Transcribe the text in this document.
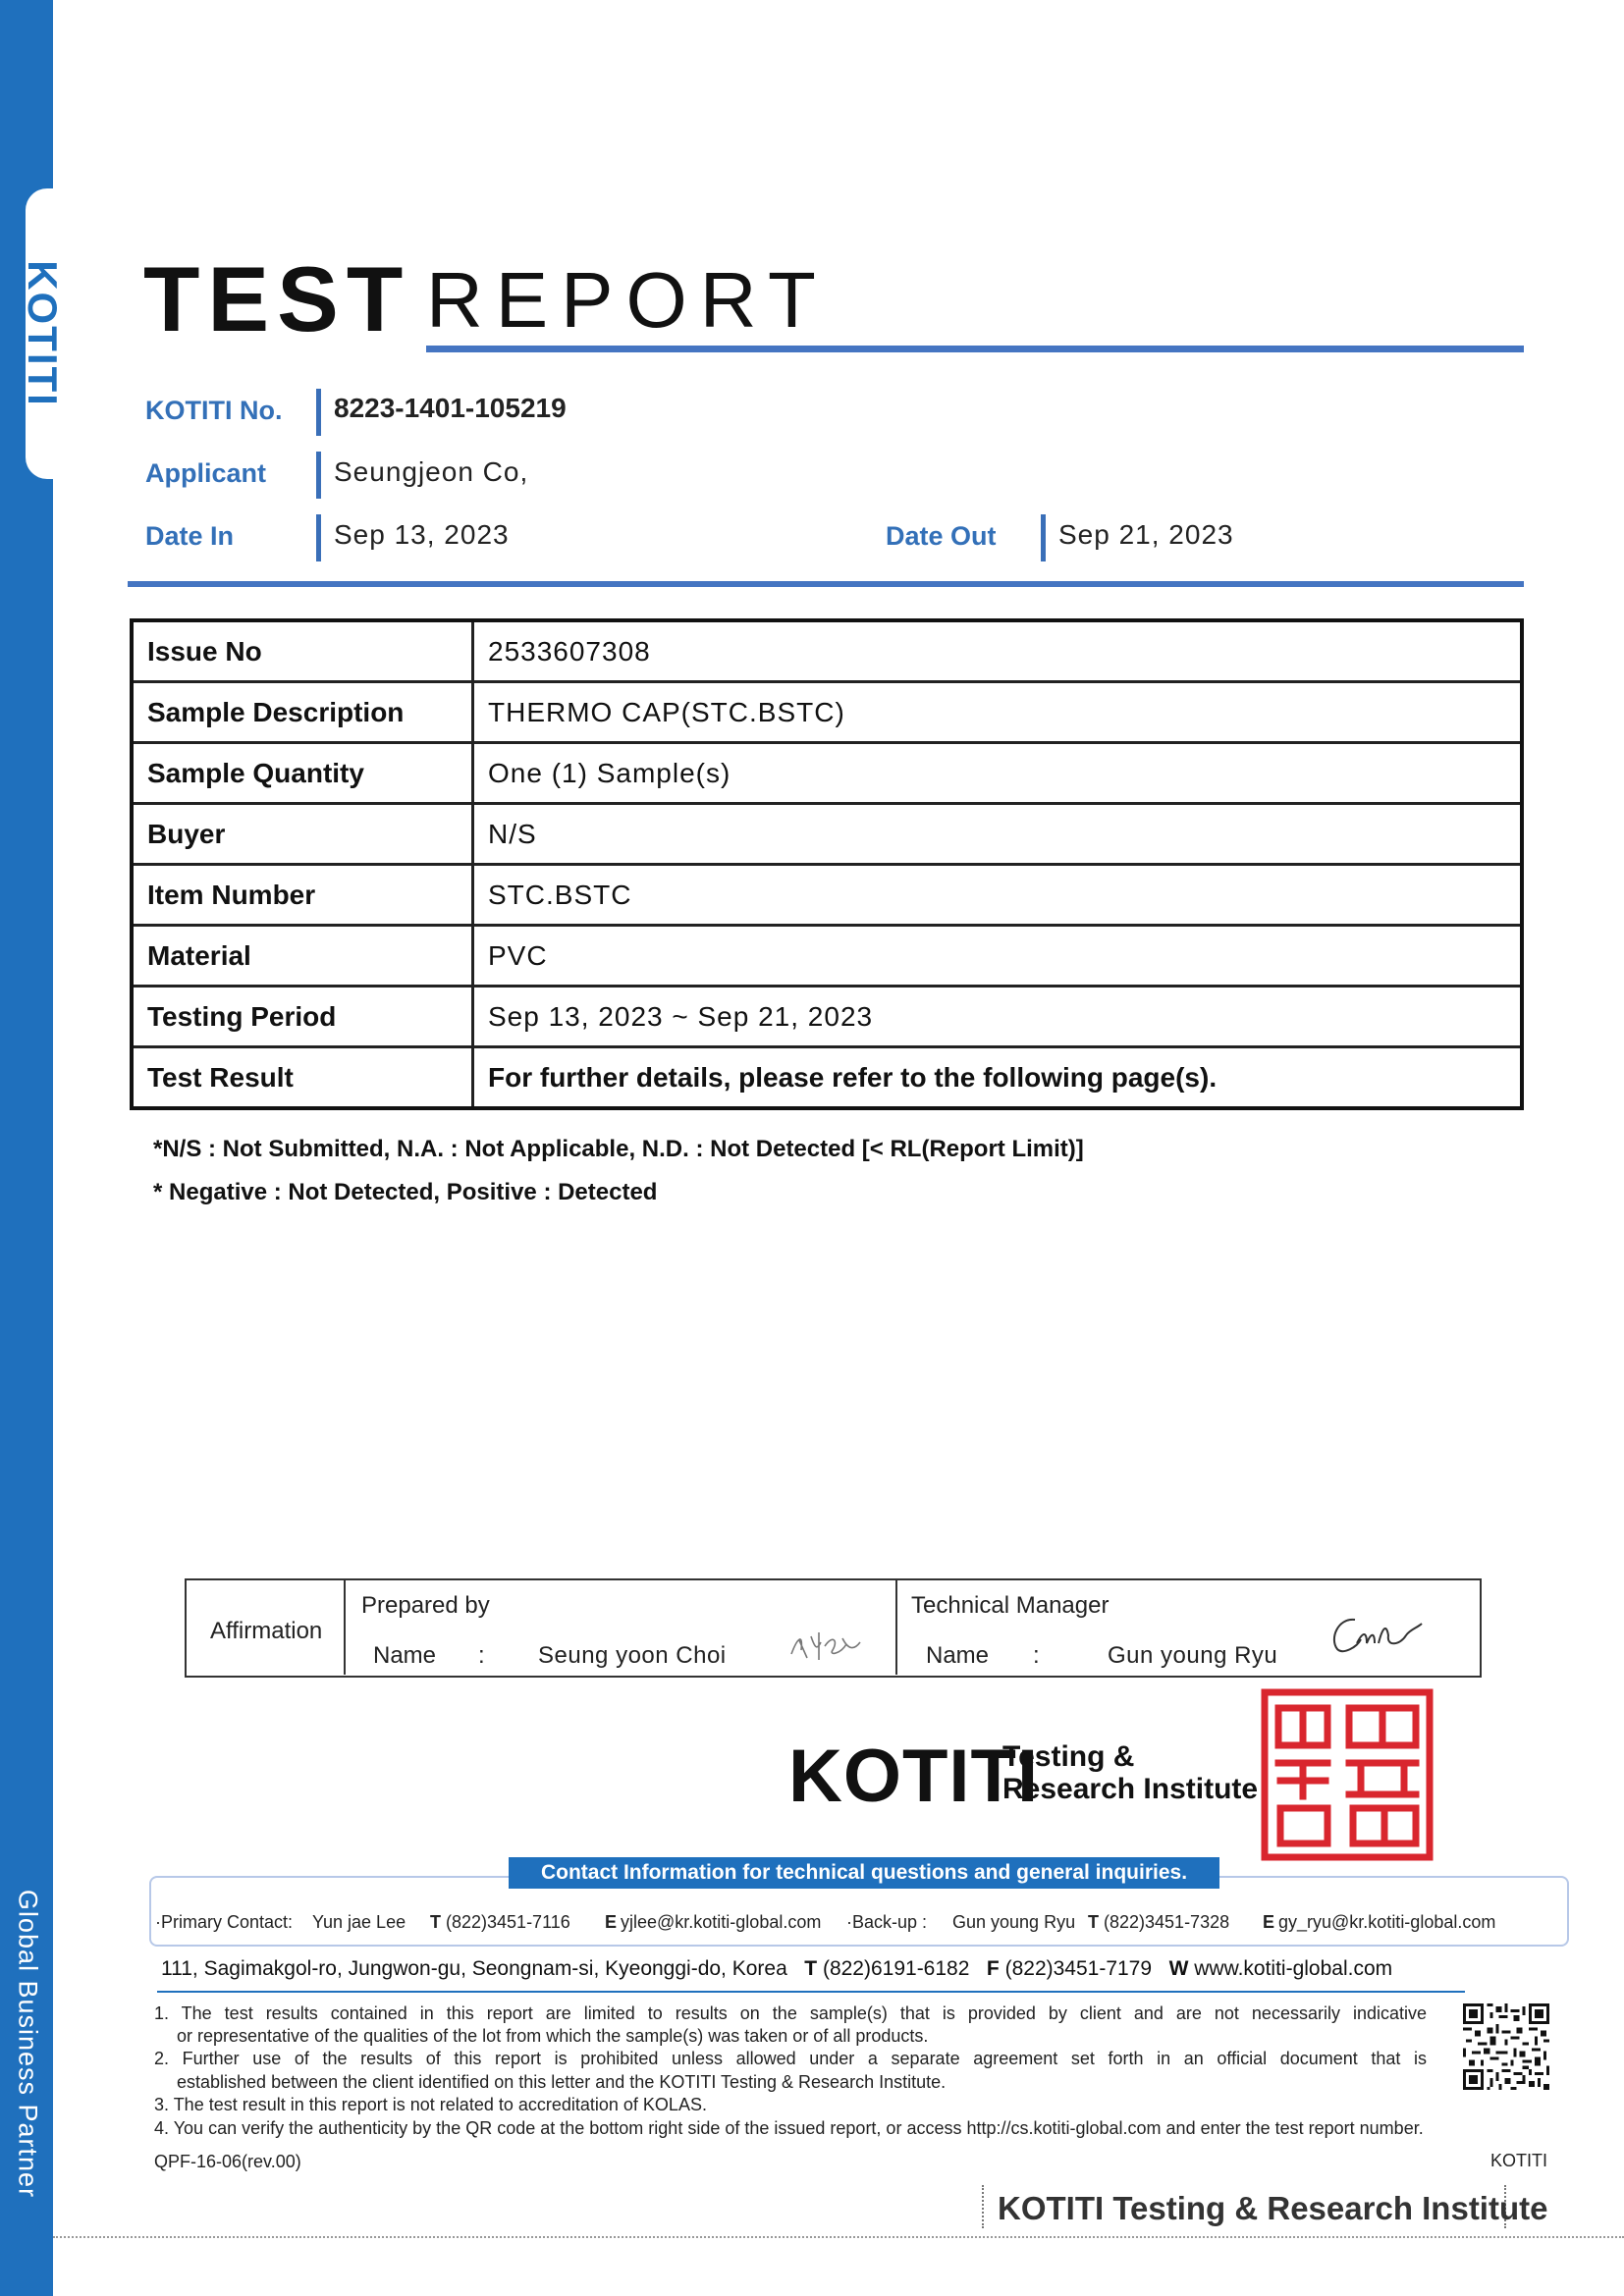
KOTITI
Global Business Partner
TEST REPORT
KOTITI No. 8223-1401-105219
Applicant Seungjeon Co,
Date In	Sep 13, 2023	Date Out Sep 21, 2023
Issue No	2533607308
Sample Description	THERMO CAP(STC.BSTC)
Sample Quantity	One (1) Sample(s)
Buyer	N/S
Item Number	STC.BSTC
Material	PVC
Testing Period	Sep 13, 2023 ~ Sep 21, 2023
Test Result	For further details, please refer to the following page(s).
*N/S : Not Submitted, N.A. : Not Applicable, N.D. : Not Detected [< RL(Report Limit)]
* Negative : Not Detected, Positive : Detected
Affirmation
Prepared by
Name : Seung yoon Choi
Technical Manager
Name :	Gun young Ryu
KOTITI
Testing &
Research Institute
Contact Information for technical questions and general inquiries.
·Primary Contact: Yun jae Lee T (822)3451-7116 E yjlee@kr.kotiti-global.com ·Back-up : Gun young Ryu T (822)3451-7328 E gy_ryu@kr.kotiti-global.com
111, Sagimakgol-ro, Jungwon-gu, Seongnam-si, Kyeonggi-do, Korea T (822)6191-6182 F (822)3451-7179 W www.kotiti-global.com
1. The test results contained in this report are limited to results on the sample(s) that is provided by client and are not necessarily indicative
or representative of the qualities of the lot from which the sample(s) was taken or of all products.
2. Further use of the results of this report is prohibited unless allowed under a separate agreement set forth in an official document that is
established between the client identified on this letter and the KOTITI Testing & Research Institute.
3. The test result in this report is not related to accreditation of KOLAS.
4. You can verify the authenticity by the QR code at the bottom right side of the issued report, or access http://cs.kotiti-global.com and enter the test report number.
QPF-16-06(rev.00)	KOTITI
KOTITI Testing & Research Institute
